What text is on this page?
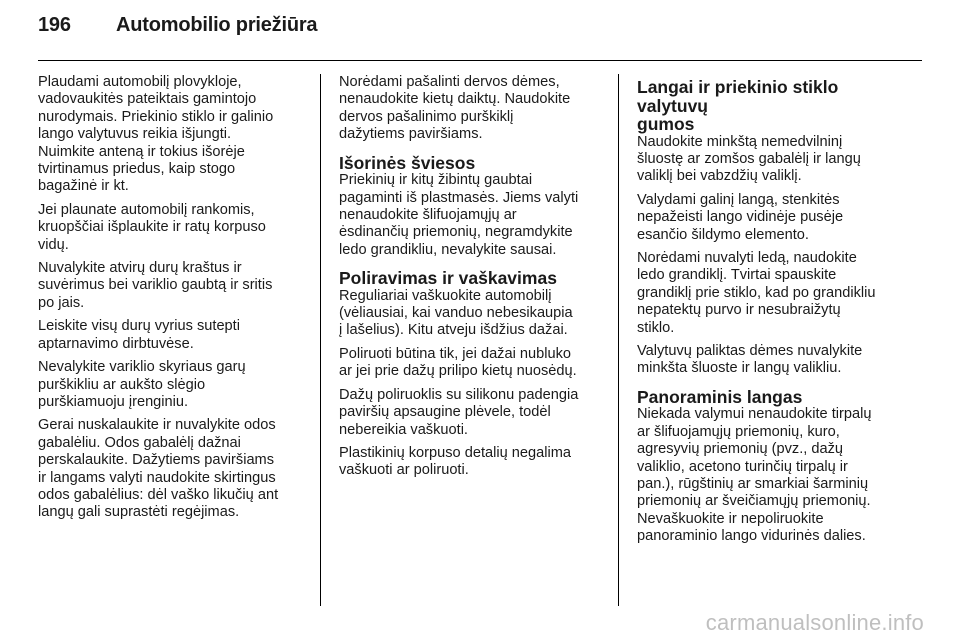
196	Automobilio priežiūra

Plaudami automobilį plovykloje,
vadovaukitės pateiktais gamintojo
nurodymais. Priekinio stiklo ir galinio
lango valytuvus reikia išjungti.
Nuimkite anteną ir tokius išorėje
tvirtinamus priedus, kaip stogo
bagažinė ir kt.

Jei plaunate automobilį rankomis,
kruopščiai išplaukite ir ratų korpuso
vidų.

Nuvalykite atvirų durų kraštus ir
suvėrimus bei variklio gaubtą ir sritis
po jais.

Leiskite visų durų vyrius sutepti
aptarnavimo dirbtuvėse.

Nevalykite variklio skyriaus garų
purškikliu ar aukšto slėgio
purškiamuoju įrenginiu.

Gerai nuskalaukite ir nuvalykite odos
gabalėliu. Odos gabalėlį dažnai
perskalaukite. Dažytiems paviršiams
ir langams valyti naudokite skirtingus
odos gabalėlius: dėl vaško likučių ant
langų gali suprastėti regėjimas.

Norėdami pašalinti dervos dėmes,
nenaudokite kietų daiktų. Naudokite
dervos pašalinimo purškiklį
dažytiems paviršiams.

Išorinės šviesos

Priekinių ir kitų žibintų gaubtai
pagaminti iš plastmasės. Jiems valyti
nenaudokite šlifuojamųjų ar
ėsdinančių priemonių, negramdykite
ledo grandikliu, nevalykite sausai.

Poliravimas ir vaškavimas

Reguliariai vaškuokite automobilį
(vėliausiai, kai vanduo nebesikaupia
į lašelius). Kitu atveju išdžius dažai.

Poliruoti būtina tik, jei dažai nubluko
ar jei prie dažų prilipo kietų nuosėdų.

Dažų poliruoklis su silikonu padengia
paviršių apsaugine plėvele, todėl
nebereikia vaškuoti.

Plastikinių korpuso detalių negalima
vaškuoti ar poliruoti.

Langai ir priekinio stiklo valytuvų
gumos

Naudokite minkštą nemedvilninį
šluostę ar zomšos gabalėlį ir langų
valiklį bei vabzdžių valiklį.

Valydami galinį langą, stenkitės
nepažeisti lango vidinėje pusėje
esančio šildymo elemento.

Norėdami nuvalyti ledą, naudokite
ledo grandiklį. Tvirtai spauskite
grandiklį prie stiklo, kad po grandikliu
nepatektų purvo ir nesubraižytų
stiklo.

Valytuvų paliktas dėmes nuvalykite
minkšta šluoste ir langų valikliu.

Panoraminis langas

Niekada valymui nenaudokite tirpalų
ar šlifuojamųjų priemonių, kuro,
agresyvių priemonių (pvz., dažų
valiklio, acetono turinčių tirpalų ir
pan.), rūgštinių ar smarkiai šarminių
priemonių ar šveičiamųjų priemonių.
Nevaškuokite ir nepoliruokite
panoraminio lango vidurinės dalies.

carmanualsonline.info
